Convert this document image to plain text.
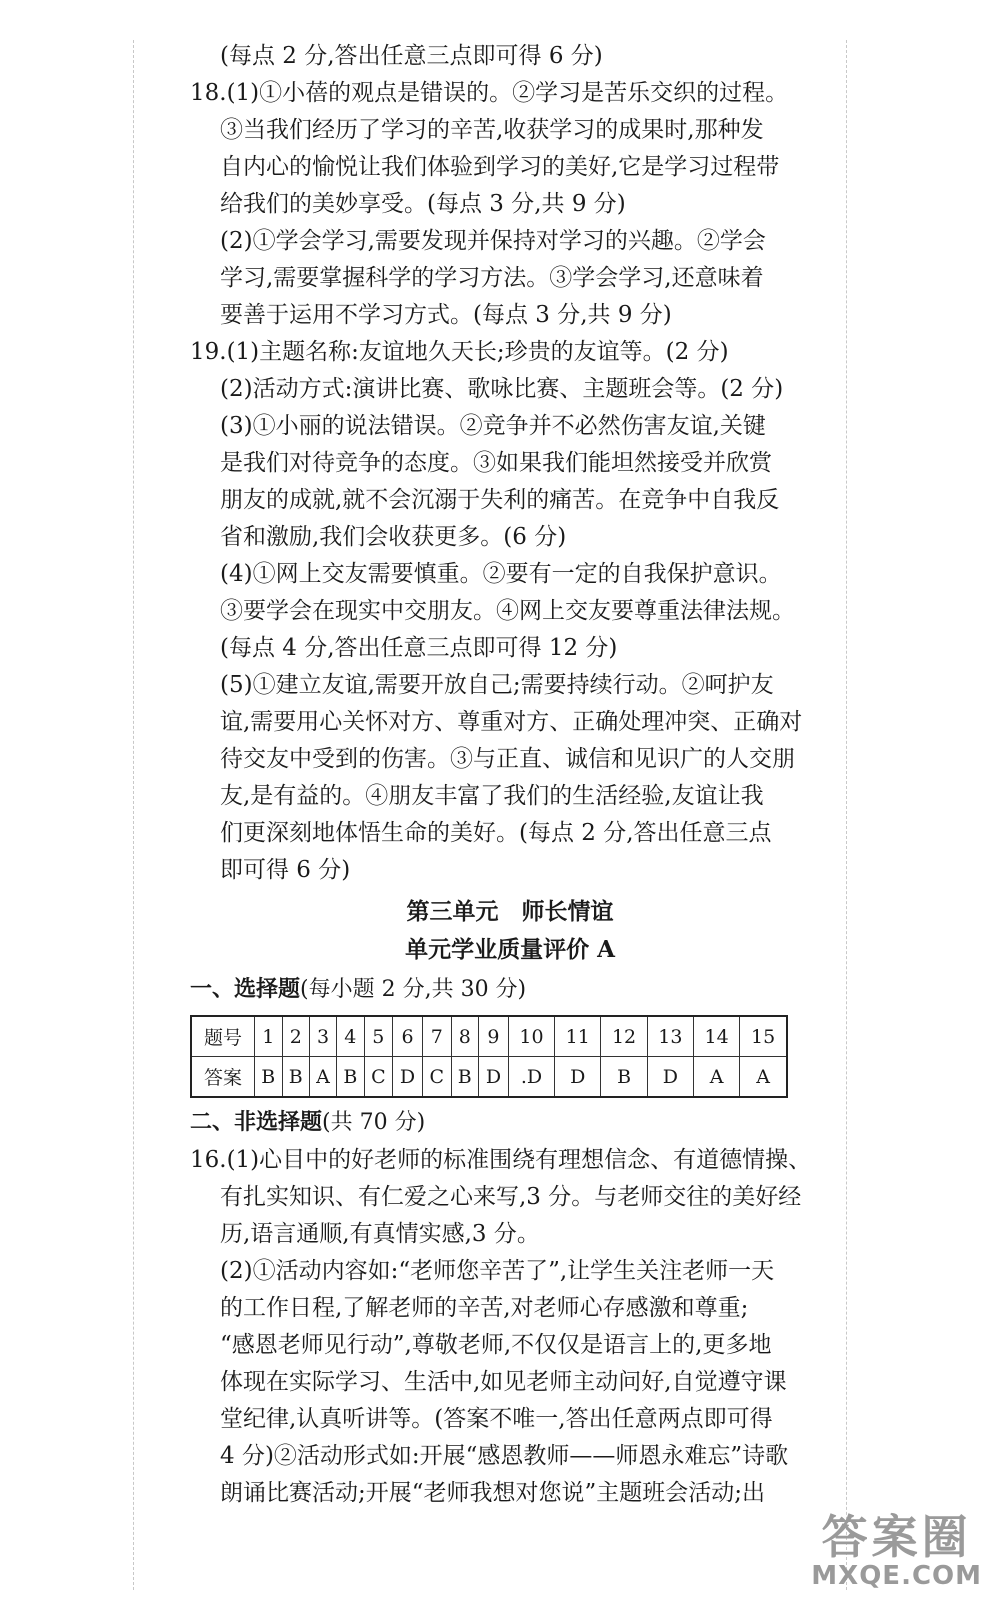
(每点 2 分,答出任意三点即可得 6 分)
18.(1)①小蓓的观点是错误的。②学习是苦乐交织的过程。
③当我们经历了学习的辛苦,收获学习的成果时,那种发
自内心的愉悦让我们体验到学习的美好,它是学习过程带
给我们的美妙享受。(每点 3 分,共 9 分)
(2)①学会学习,需要发现并保持对学习的兴趣。②学会
学习,需要掌握科学的学习方法。③学会学习,还意味着
要善于运用不学习方式。(每点 3 分,共 9 分)
19.(1)主题名称:友谊地久天长;珍贵的友谊等。(2 分)
(2)活动方式:演讲比赛、歌咏比赛、主题班会等。(2 分)
(3)①小丽的说法错误。②竞争并不必然伤害友谊,关键
是我们对待竞争的态度。③如果我们能坦然接受并欣赏
朋友的成就,就不会沉溺于失利的痛苦。在竞争中自我反
省和激励,我们会收获更多。(6 分)
(4)①网上交友需要慎重。②要有一定的自我保护意识。
③要学会在现实中交朋友。④网上交友要尊重法律法规。
(每点 4 分,答出任意三点即可得 12 分)
(5)①建立友谊,需要开放自己;需要持续行动。②呵护友
谊,需要用心关怀对方、尊重对方、正确处理冲突、正确对
待交友中受到的伤害。③与正直、诚信和见识广的人交朋
友,是有益的。④朋友丰富了我们的生活经验,友谊让我
们更深刻地体悟生命的美好。(每点 2 分,答出任意三点
即可得 6 分)
第三单元　师长情谊
单元学业质量评价 A
一、选择题(每小题 2 分,共 30 分)
题号	1	2	3	4	5	6	7	8	9	10	11	12	13	14	15
答案	B	B	A	B	C	D	C	B	D	.D	D	B	D	A	A
二、非选择题(共 70 分)
16.(1)心目中的好老师的标准围绕有理想信念、有道德情操、
有扎实知识、有仁爱之心来写,3 分。与老师交往的美好经
历,语言通顺,有真情实感,3 分。
(2)①活动内容如:“老师您辛苦了”,让学生关注老师一天
的工作日程,了解老师的辛苦,对老师心存感激和尊重;
“感恩老师见行动”,尊敬老师,不仅仅是语言上的,更多地
体现在实际学习、生活中,如见老师主动问好,自觉遵守课
堂纪律,认真听讲等。(答案不唯一,答出任意两点即可得
4 分)②活动形式如:开展“感恩教师——师恩永难忘”诗歌
朗诵比赛活动;开展“老师我想对您说”主题班会活动;出
答案圈
MXQE.COM
